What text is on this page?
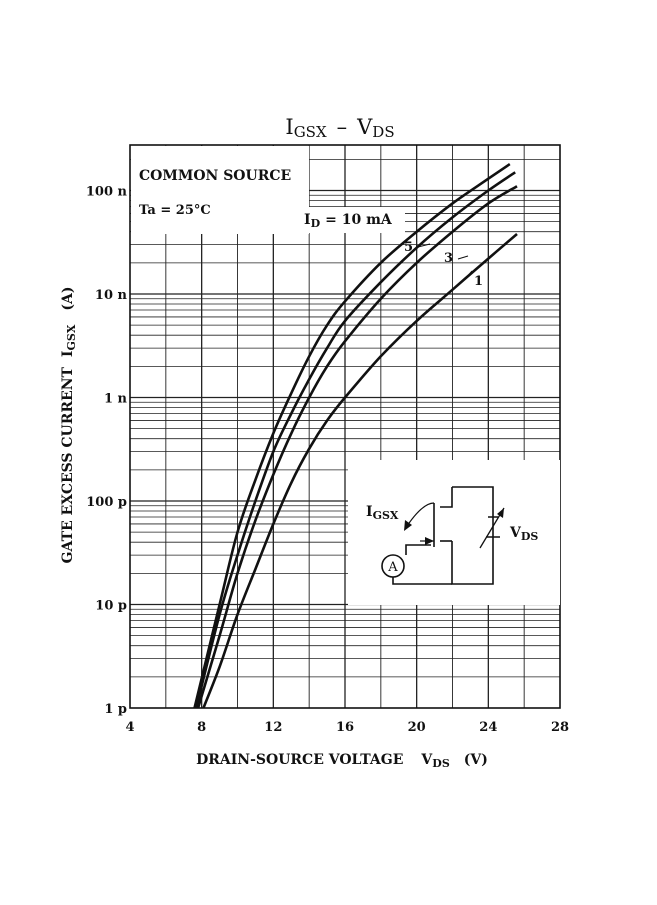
IGSX – VDS
COMMON SOURCE
Ta = 25°C
$I_D = 10$ mA
5
3
1
A
$I_{GSX}$
$V_{DS}$
4	8	12	16	20	24	28
1 p
10 p
100 p
1 n
10 n
100 n
DRAIN-SOURCE VOLTAGE $V_{DS}$ (V)
GATE EXCESS $CURRENTI_{GSX}(A)$
